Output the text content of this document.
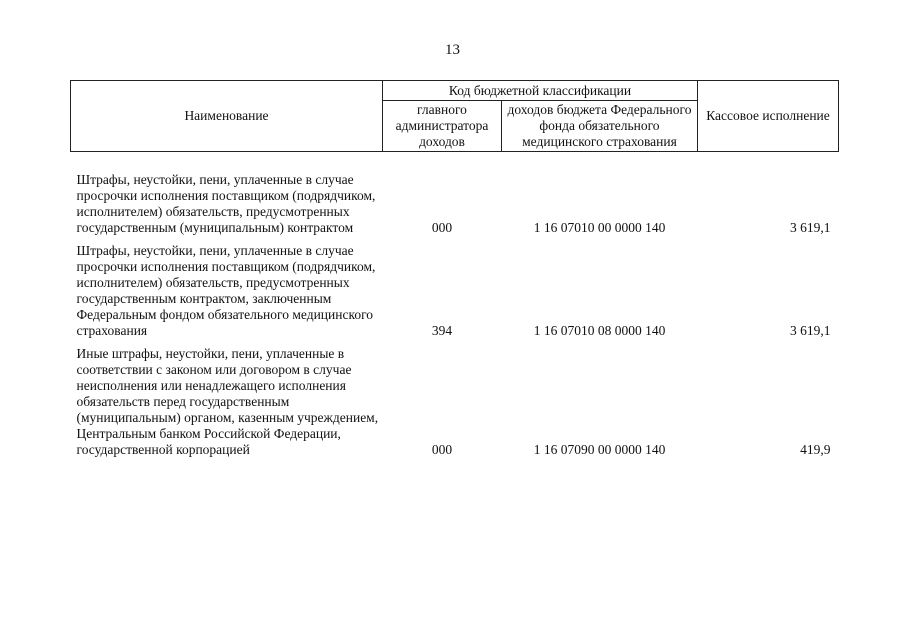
13
Наименование	Код бюджетной классификации		Кассовое исполнение
	главного администратора доходов	доходов бюджета Федерального фонда обязательного медицинского страхования	
Штрафы, неустойки, пени, уплаченные в случае просрочки исполнения поставщиком (подрядчиком, исполнителем) обязательств, предусмотренных государственным (муниципальным) контрактом	000	1 16 07010 00 0000 140	3 619,1
Штрафы, неустойки, пени, уплаченные в случае просрочки исполнения поставщиком (подрядчиком, исполнителем) обязательств, предусмотренных государственным контрактом, заключенным Федеральным фондом обязательного медицинского страхования	394	1 16 07010 08 0000 140	3 619,1
Иные штрафы, неустойки, пени, уплаченные в соответствии с законом или договором в случае неисполнения или ненадлежащего исполнения обязательств перед государственным (муниципальным) органом, казенным учреждением, Центральным банком Российской Федерации, государственной корпорацией	000	1 16 07090 00 0000 140	419,9
